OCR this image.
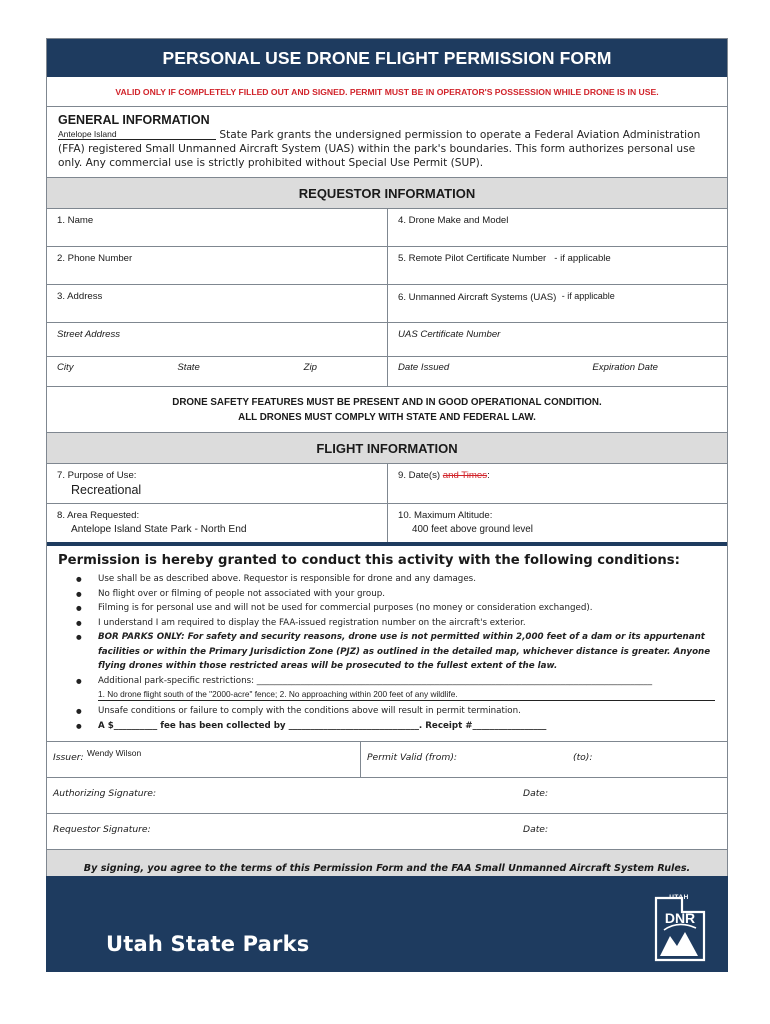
PERSONAL USE DRONE FLIGHT PERMISSION FORM
VALID ONLY IF COMPLETELY FILLED OUT AND SIGNED. PERMIT MUST BE IN OPERATOR'S POSSESSION WHILE DRONE IS IN USE.
GENERAL INFORMATION

Antelope Island	State Park grants the undersigned permission to operate a Federal Aviation Administration (FFA) registered Small Unmanned Aircraft System (UAS) within the park's boundaries. This form authorizes personal use only. Any commercial use is strictly prohibited without Special Use Permit (SUP).

REQUESTOR INFORMATION
1. Name	4. Drone Make and Model
2. Phone Number	5. Remote Pilot Certificate Number - if applicable
3. Address	6. Unmanned Aircraft Systems (UAS) - if applicable
Street Address	UAS Certificate Number
City	State	Zip	Date Issued	Expiration Date
DRONE SAFETY FEATURES MUST BE PRESENT AND IN GOOD OPERATIONAL CONDITION.
ALL DRONES MUST COMPLY WITH STATE AND FEDERAL LAW.
FLIGHT INFORMATION
7. Purpose of Use:
Recreational
9. Date(s) and Times:
8. Area Requested:
Antelope Island State Park - North End
10. Maximum Altitude:
400 feet above ground level
Permission is hereby granted to conduct this activity with the following conditions:
● Use shall be as described above. Requestor is responsible for drone and any damages.
● No flight over or filming of people not associated with your group.
● Filming is for personal use and will not be used for commercial purposes (no money or consideration exchanged).
● I understand I am required to display the FAA-issued registration number on the aircraft's exterior.
● BOR PARKS ONLY: For safety and security reasons, drone use is not permitted within 2,000 feet of a dam or its appurtenant facilities or within the Primary Jurisdiction Zone (PJZ) as outlined in the detailed map, whichever distance is greater. Anyone flying drones within those restricted areas will be prosecuted to the fullest extent of the law.
● Additional park-specific restrictions: ___________________________________________________________________________________________
1. No drone flight south of the "2000-acre" fence; 2. No approaching within 200 feet of any wildlife.
● Unsafe conditions or failure to comply with the conditions above will result in permit termination.
● A $__________ fee has been collected by ______________________________. Receipt #_________________
Issuer: Wendy Wilson	Permit Valid (from):	(to):
Authorizing Signature:	Date:
Requestor Signature:	Date:
By signing, you agree to the terms of this Permission Form and the FAA Small Unmanned Aircraft System Rules.
Utah State Parks
UTAH
DNR
